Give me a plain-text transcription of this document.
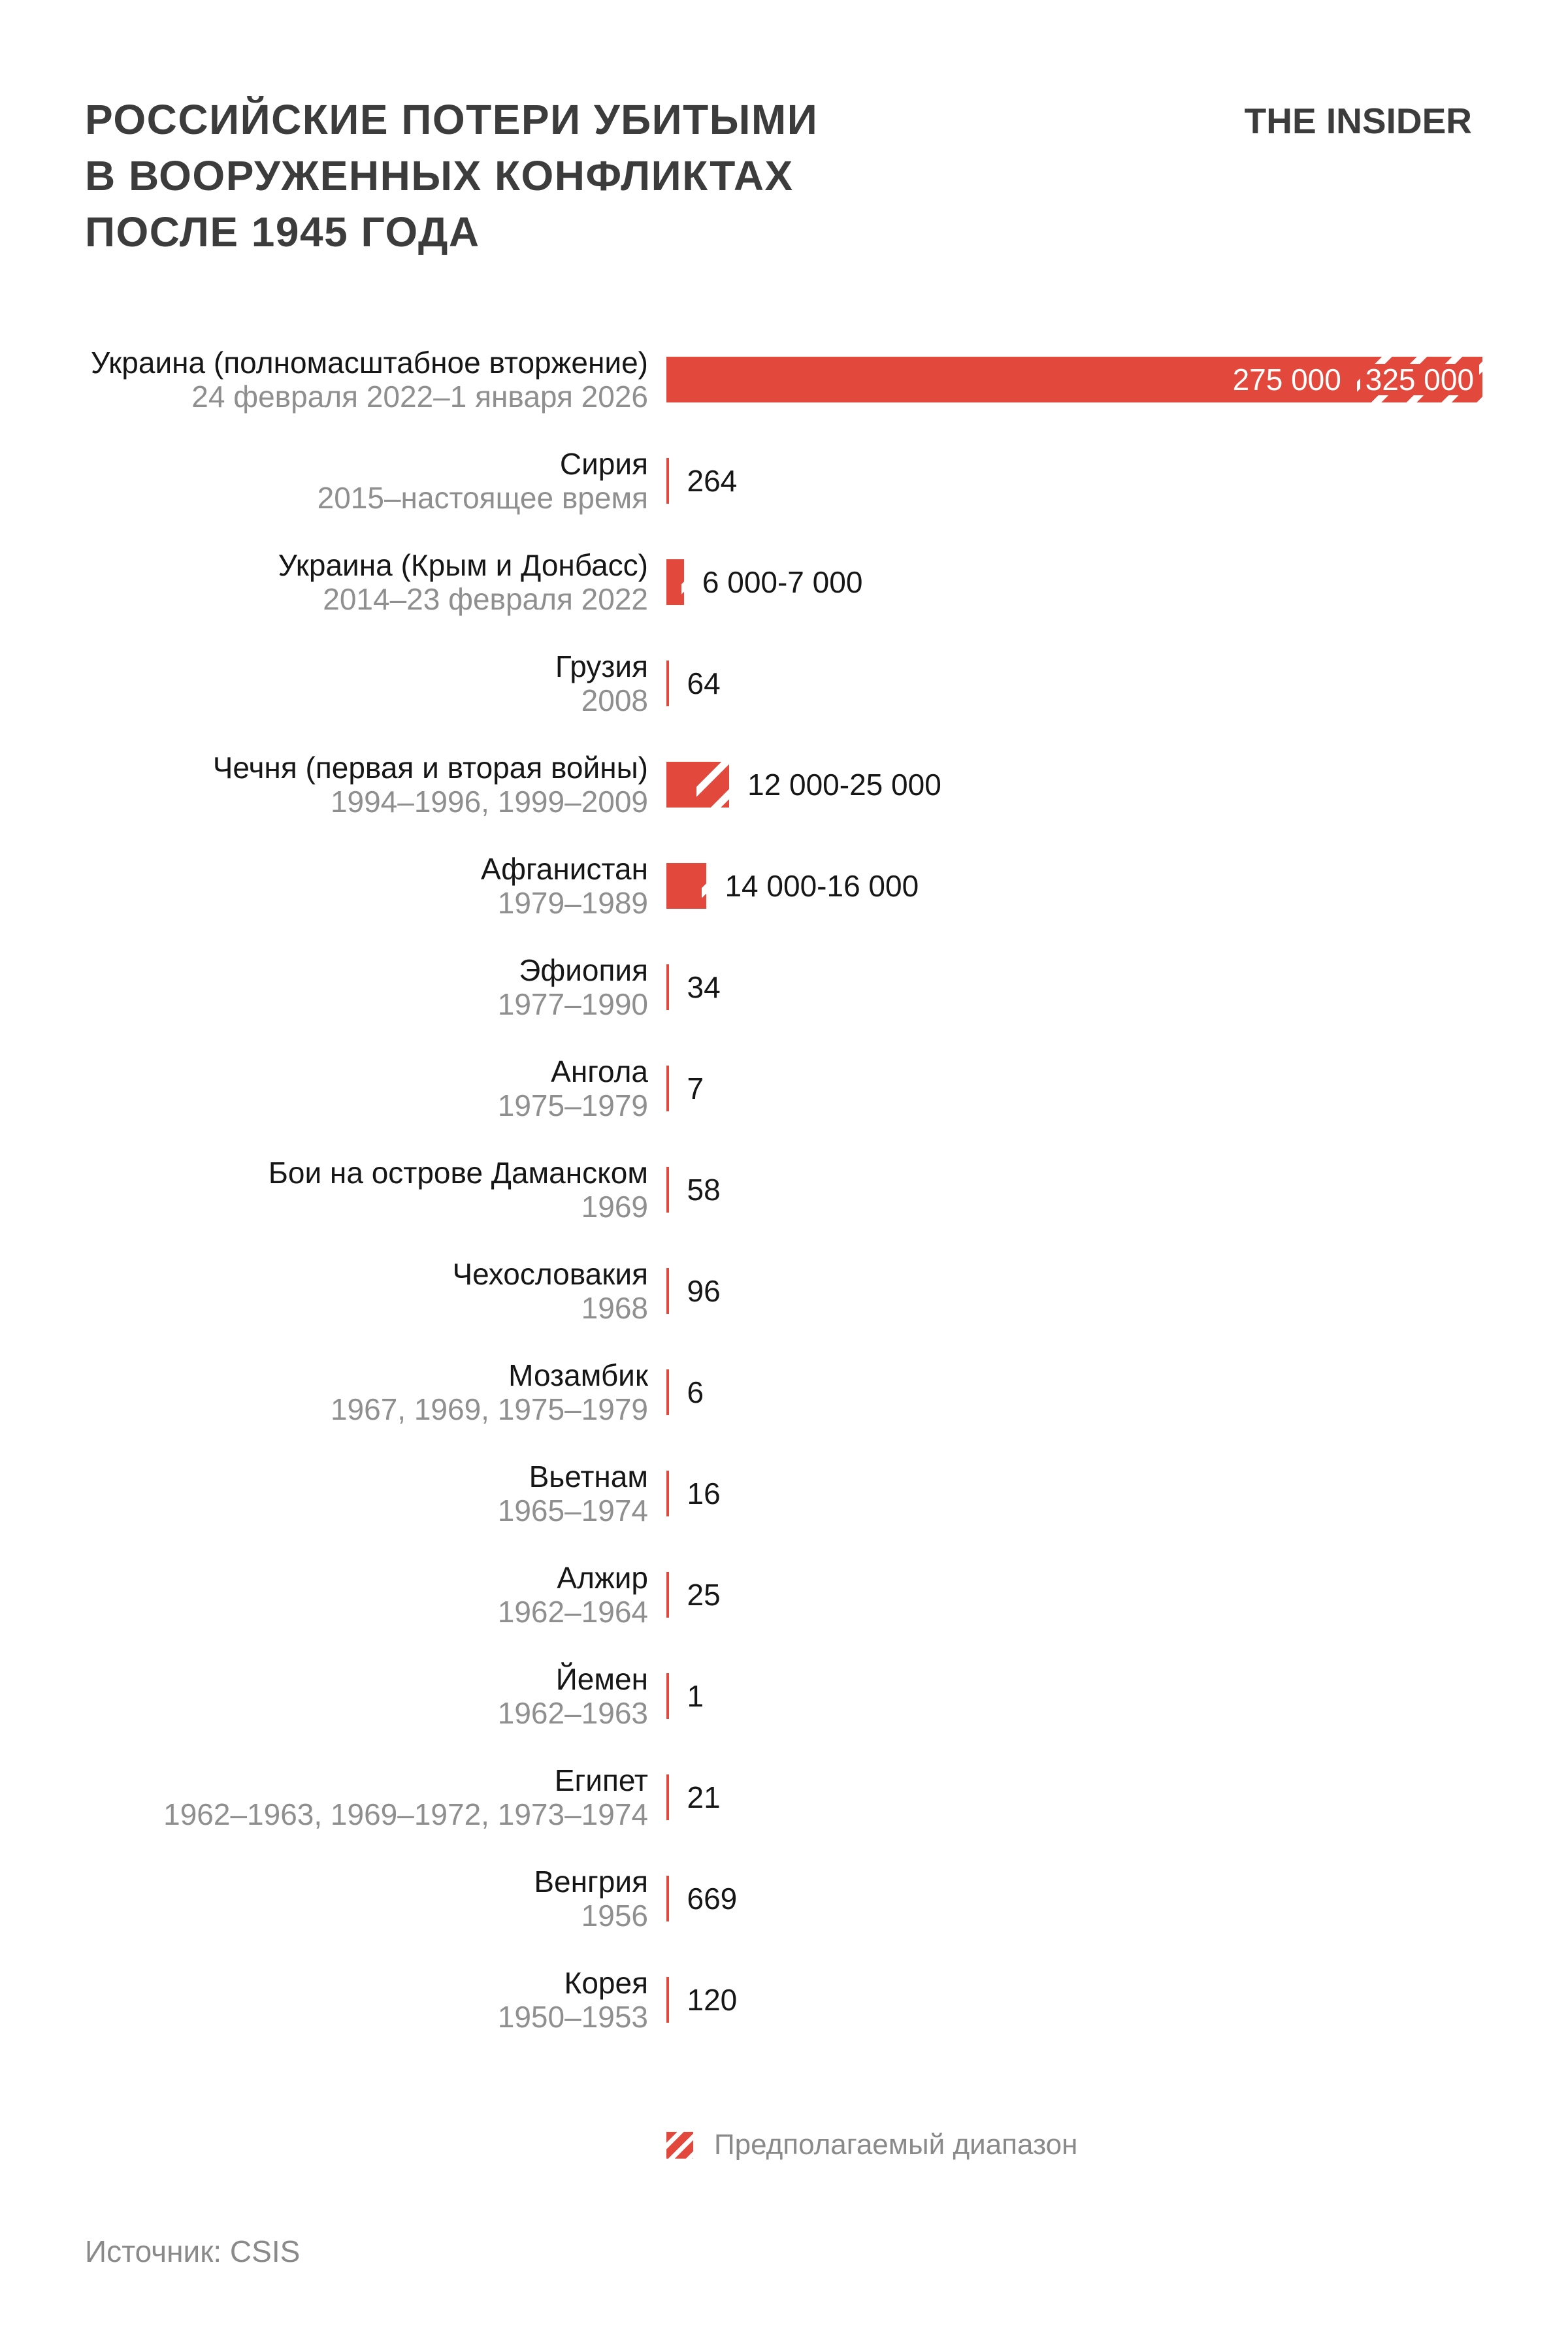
РОССИЙСКИЕ ПОТЕРИ УБИТЫМИ
В ВООРУЖЕННЫХ КОНФЛИКТАХ
ПОСЛЕ 1945 ГОДА
THE INSIDER
Украина (полномасштабное вторжение)
24 февраля 2022–1 января 2026	275 000 325 000
Сирия
2015–настоящее время 264
Украина (Крым и Донбасс)
2014–23 февраля 2022 6 000-7 000
Грузия
2008 64
Чечня (первая и вторая войны)
1994–1996, 1999–2009	12 000-25 000
Афганистан
1979–1989	14 000-16 000
Эфиопия
1977–1990 34
Ангола
1975–1979 7
Бои на острове Даманском
1969 58
Чехословакия
1968 96
Мозамбик
1967, 1969, 1975–1979 6
Вьетнам
1965–1974 16
Алжир
1962–1964 25
Йемен
1962–1963 1
Египет
1962–1963, 1969–1972, 1973–1974 21
Венгрия
1956 669
Корея
1950–1953 120
Предполагаемый диапазон
Источник: CSIS
